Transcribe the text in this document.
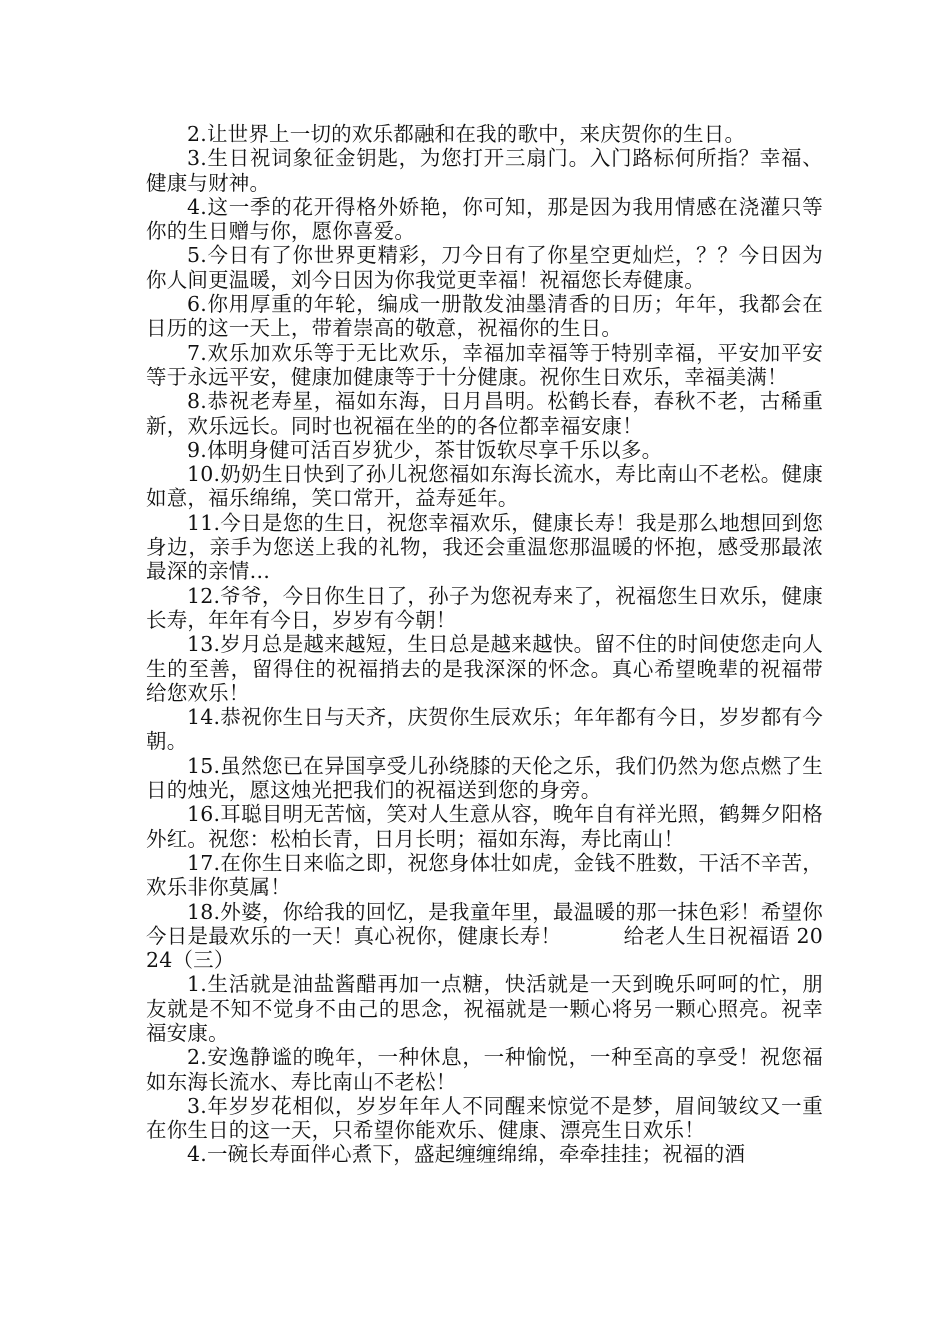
2.让世界上一切的欢乐都融和在我的歌中，来庆贺你的生日。

3.生日祝词象征金钥匙，为您打开三扇门。入门路标何所指？幸福、健康与财神。

4.这一季的花开得格外娇艳，你可知，那是因为我用情感在浇灌只等你的生日赠与你，愿你喜爱。

5.今日有了你世界更精彩，刀今日有了你星空更灿烂，？？今日因为你人间更温暖，刘今日因为你我觉更幸福！祝福您长寿健康。

6.你用厚重的年轮，编成一册散发油墨清香的日历；年年，我都会在日历的这一天上，带着崇高的敬意，祝福你的生日。

7.欢乐加欢乐等于无比欢乐，幸福加幸福等于特别幸福，平安加平安等于永远平安，健康加健康等于十分健康。祝你生日欢乐，幸福美满！

8.恭祝老寿星，福如东海，日月昌明。松鹤长春，春秋不老，古稀重新，欢乐远长。同时也祝福在坐的的各位都幸福安康！

9.体明身健可活百岁犹少，茶甘饭软尽享千乐以多。

10.奶奶生日快到了孙儿祝您福如东海长流水，寿比南山不老松。健康如意，福乐绵绵，笑口常开，益寿延年。

11.今日是您的生日，祝您幸福欢乐，健康长寿！我是那么地想回到您身边，亲手为您送上我的礼物，我还会重温您那温暖的怀抱，感受那最浓最深的亲情…

12.爷爷，今日你生日了，孙子为您祝寿来了，祝福您生日欢乐，健康长寿，年年有今日，岁岁有今朝！

13.岁月总是越来越短，生日总是越来越快。留不住的时间使您走向人生的至善，留得住的祝福捎去的是我深深的怀念。真心希望晚辈的祝福带给您欢乐！

14.恭祝你生日与天齐，庆贺你生辰欢乐；年年都有今日，岁岁都有今朝。

15.虽然您已在异国享受儿孙绕膝的天伦之乐，我们仍然为您点燃了生日的烛光，愿这烛光把我们的祝福送到您的身旁。

16.耳聪目明无苦恼，笑对人生意从容，晚年自有祥光照，鹤舞夕阳格外红。祝您：松柏长青，日月长明；福如东海，寿比南山！

17.在你生日来临之即，祝您身体壮如虎，金钱不胜数，干活不辛苦，欢乐非你莫属！

18.外婆，你给我的回忆，是我童年里，最温暖的那一抹色彩！希望你今日是最欢乐的一天！真心祝你，健康长寿！　　　给老人生日祝福语 2024（三）

1.生活就是油盐酱醋再加一点糖，快活就是一天到晚乐呵呵的忙，朋友就是不知不觉身不由己的思念，祝福就是一颗心将另一颗心照亮。祝幸福安康。

2.安逸静谧的晚年，一种休息，一种愉悦，一种至高的享受！祝您福如东海长流水、寿比南山不老松！

3.年岁岁花相似，岁岁年年人不同醒来惊觉不是梦，眉间皱纹又一重在你生日的这一天，只希望你能欢乐、健康、漂亮生日欢乐！

4.一碗长寿面伴心煮下，盛起缠缠绵绵，牵牵挂挂；祝福的酒
